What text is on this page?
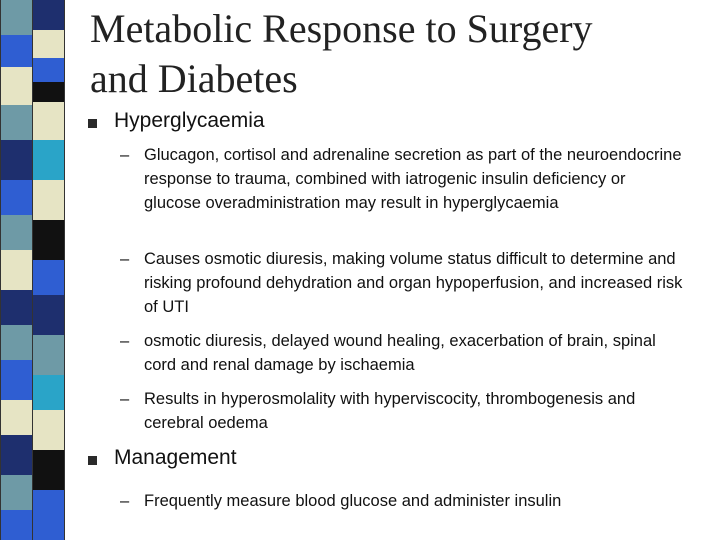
Metabolic Response to Surgery
and Diabetes
Hyperglycaemia
– Glucagon, cortisol and adrenaline secretion as part of the neuroendocrine response to trauma, combined with iatrogenic insulin deficiency or glucose overadministration may result in hyperglycaemia
– Causes osmotic diuresis, making volume status difficult to determine and risking profound dehydration and organ hypoperfusion, and increased risk of UTI
– osmotic diuresis, delayed wound healing, exacerbation of brain, spinal cord and renal damage by ischaemia
– Results in hyperosmolality with hyperviscocity, thrombogenesis and cerebral oedema
Management
– Frequently measure blood glucose and administer insulin
